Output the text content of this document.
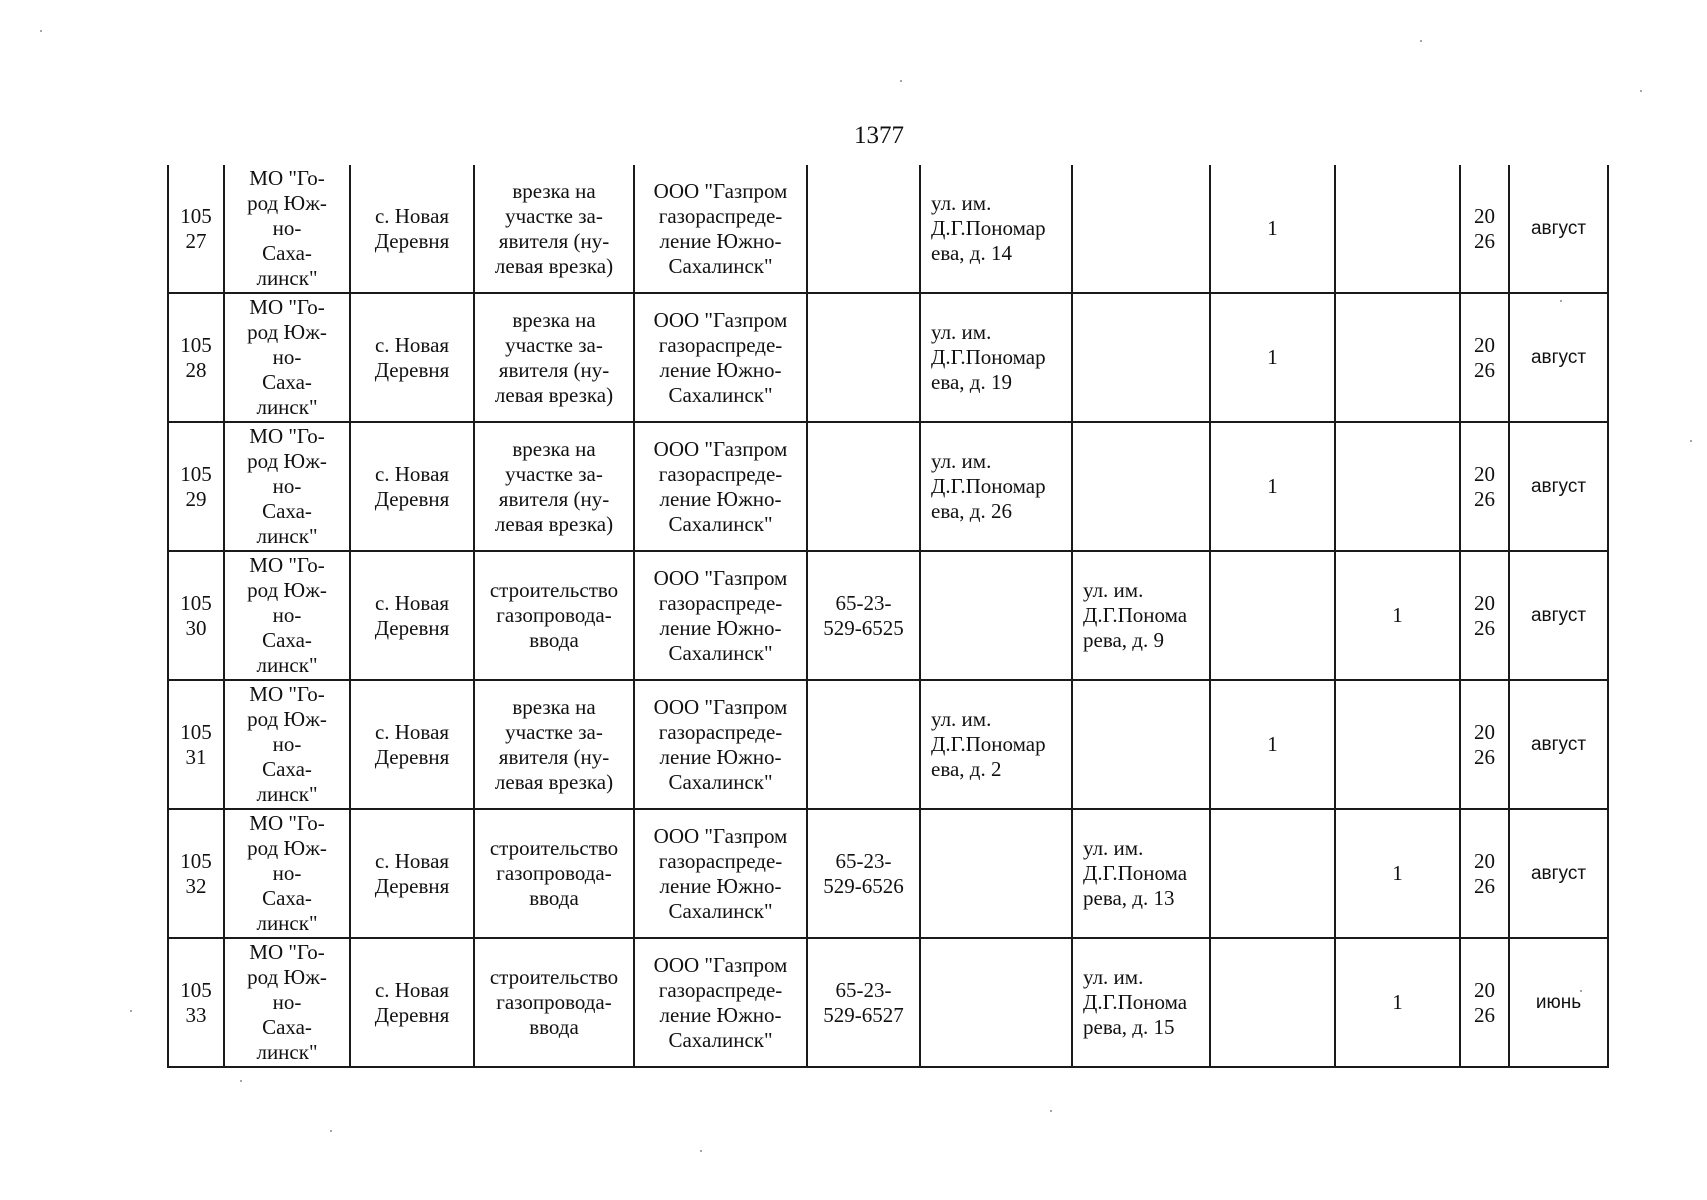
1377
105
27	МО "Го-
род Юж-
но-
Саха-
линск"	с. Новая
Деревня	врезка на
участке за-
явителя (ну-
левая врезка)	ООО "Газпром
газораспреде-
ление Южно-
Сахалинск"		ул. им.
Д.Г.Пономар
ева, д. 14		1		20
26	август

105
28	МО "Го-
род Юж-
но-
Саха-
линск"	с. Новая
Деревня	врезка на
участке за-
явителя (ну-
левая врезка)	ООО "Газпром
газораспреде-
ление Южно-
Сахалинск"		ул. им.
Д.Г.Пономар
ева, д. 19		1		20
26	август

105
29	МО "Го-
род Юж-
но-
Саха-
линск"	с. Новая
Деревня	врезка на
участке за-
явителя (ну-
левая врезка)	ООО "Газпром
газораспреде-
ление Южно-
Сахалинск"		ул. им.
Д.Г.Пономар
ева, д. 26		1		20
26	август

105
30	МО "Го-
род Юж-
но-
Саха-
линск"	с. Новая
Деревня	строительство
газопровода-
ввода	ООО "Газпром
газораспреде-
ление Южно-
Сахалинск"	65-23-
529-6525		ул. им.
Д.Г.Понома
рева, д. 9		1	20
26	август

105
31	МО "Го-
род Юж-
но-
Саха-
линск"	с. Новая
Деревня	врезка на
участке за-
явителя (ну-
левая врезка)	ООО "Газпром
газораспреде-
ление Южно-
Сахалинск"		ул. им.
Д.Г.Пономар
ева, д. 2		1		20
26	август

105
32	МО "Го-
род Юж-
но-
Саха-
линск"	с. Новая
Деревня	строительство
газопровода-
ввода	ООО "Газпром
газораспреде-
ление Южно-
Сахалинск"	65-23-
529-6526		ул. им.
Д.Г.Понома
рева, д. 13		1	20
26	август

105
33	МО "Го-
род Юж-
но-
Саха-
линск"	с. Новая
Деревня	строительство
газопровода-
ввода	ООО "Газпром
газораспреде-
ление Южно-
Сахалинск"	65-23-
529-6527		ул. им.
Д.Г.Понома
рева, д. 15		1	20
26	июнь
